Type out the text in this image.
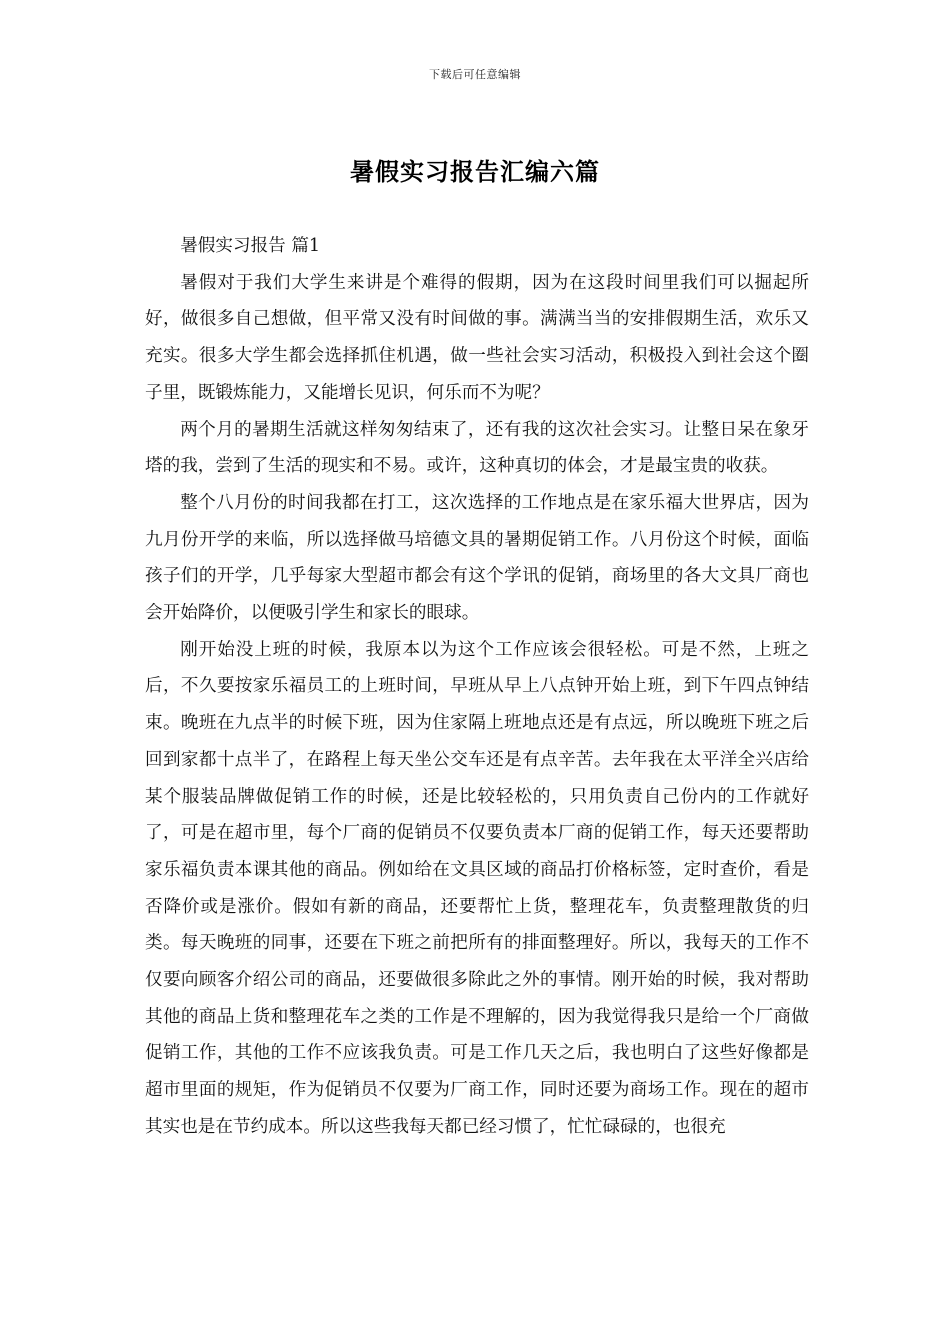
下载后可任意编辑
暑假实习报告汇编六篇

暑假实习报告 篇1

暑假对于我们大学生来讲是个难得的假期，因为在这段时间里我们可以掘起所好，做很多自己想做，但平常又没有时间做的事。满满当当的安排假期生活，欢乐又充实。很多大学生都会选择抓住机遇，做一些社会实习活动，积极投入到社会这个圈子里，既锻炼能力，又能增长见识，何乐而不为呢？

两个月的暑期生活就这样匆匆结束了，还有我的这次社会实习。让整日呆在象牙塔的我，尝到了生活的现实和不易。或许，这种真切的体会，才是最宝贵的收获。

整个八月份的时间我都在打工，这次选择的工作地点是在家乐福大世界店，因为九月份开学的来临，所以选择做马培德文具的暑期促销工作。八月份这个时候，面临孩子们的开学，几乎每家大型超市都会有这个学讯的促销，商场里的各大文具厂商也会开始降价，以便吸引学生和家长的眼球。

刚开始没上班的时候，我原本以为这个工作应该会很轻松。可是不然，上班之后，不久要按家乐福员工的上班时间，早班从早上八点钟开始上班，到下午四点钟结束。晚班在九点半的时候下班，因为住家隔上班地点还是有点远，所以晚班下班之后回到家都十点半了，在路程上每天坐公交车还是有点辛苦。去年我在太平洋全兴店给某个服装品牌做促销工作的时候，还是比较轻松的，只用负责自己份内的工作就好了，可是在超市里，每个厂商的促销员不仅要负责本厂商的促销工作，每天还要帮助家乐福负责本课其他的商品。例如给在文具区域的商品打价格标签，定时查价，看是否降价或是涨价。假如有新的商品，还要帮忙上货，整理花车，负责整理散货的归类。每天晚班的同事，还要在下班之前把所有的排面整理好。所以，我每天的工作不仅要向顾客介绍公司的商品，还要做很多除此之外的事情。刚开始的时候，我对帮助其他的商品上货和整理花车之类的工作是不理解的，因为我觉得我只是给一个厂商做促销工作，其他的工作不应该我负责。可是工作几天之后，我也明白了这些好像都是超市里面的规矩，作为促销员不仅要为厂商工作，同时还要为商场工作。现在的超市其实也是在节约成本。所以这些我每天都已经习惯了，忙忙碌碌的，也很充
